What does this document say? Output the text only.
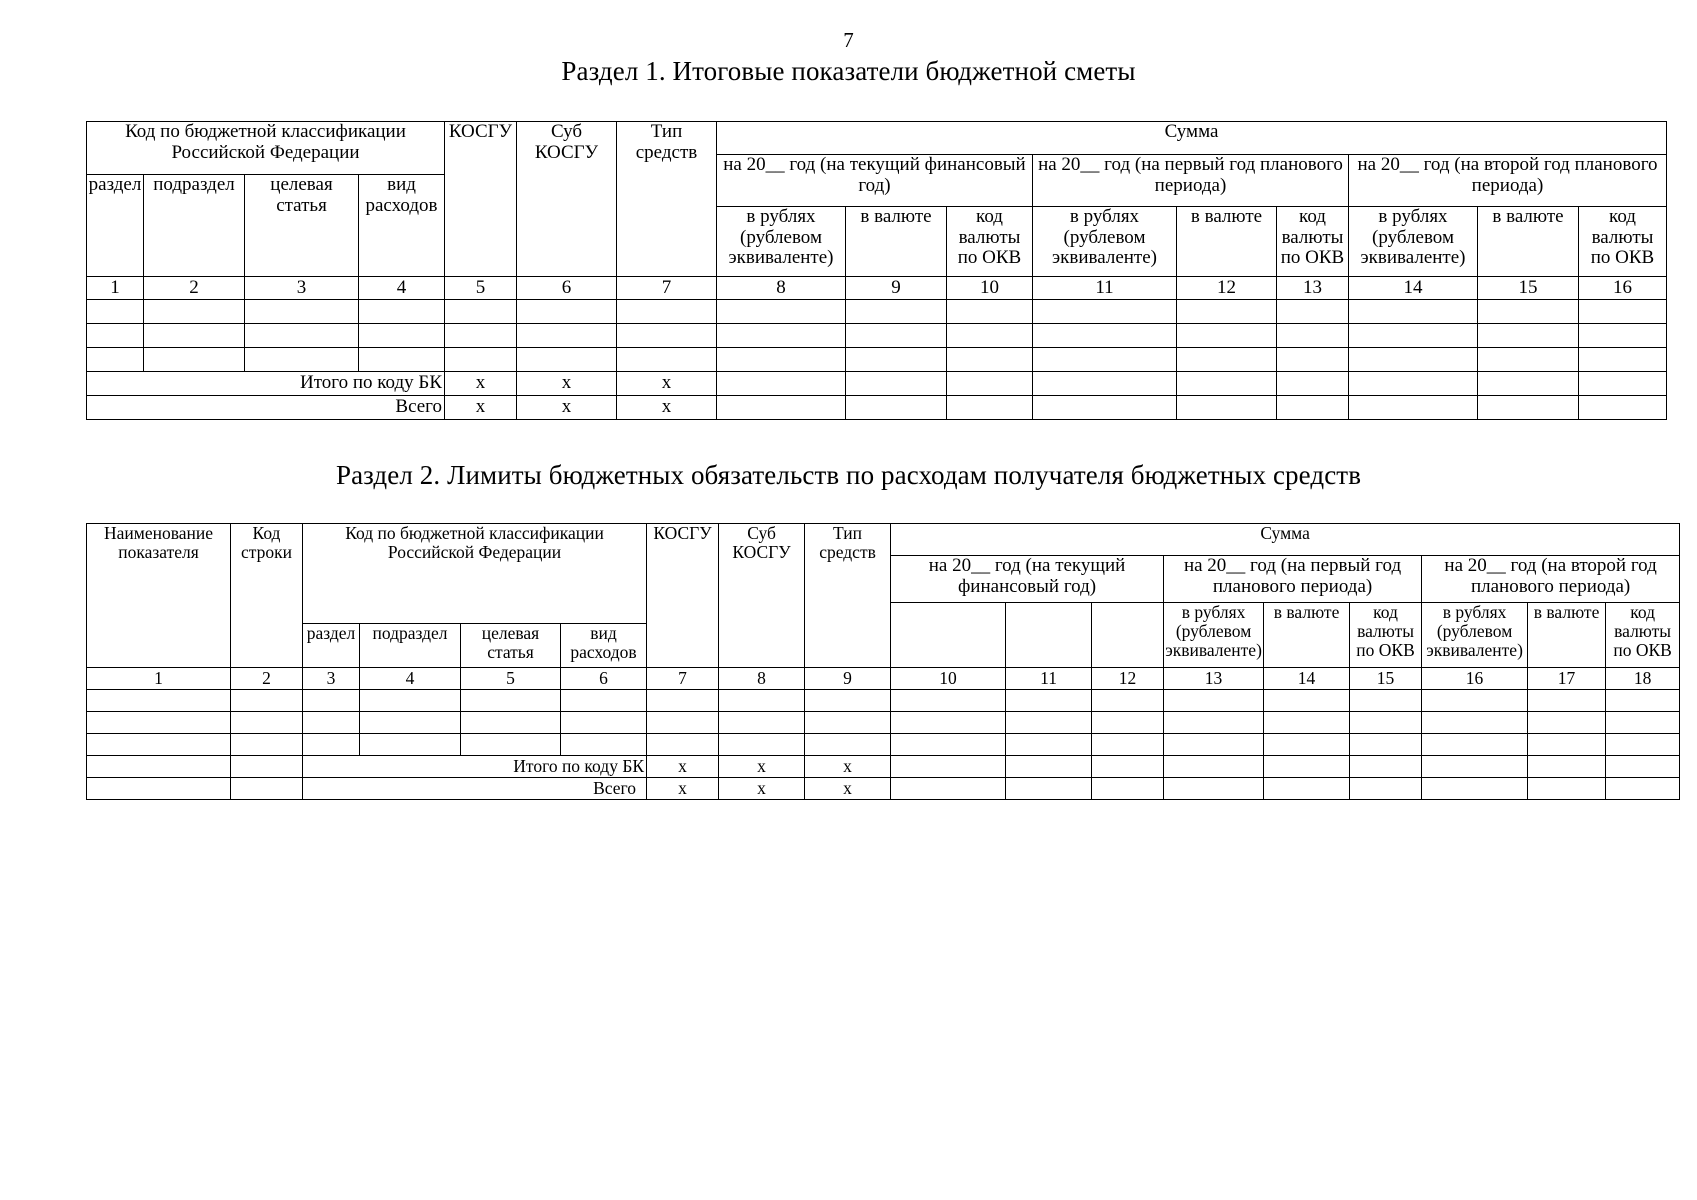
7
Раздел 1. Итоговые показатели бюджетной сметы
Код по бюджетной классификации Российской Федерации				КОСГУ	Суб КОСГУ	Тип средств	Сумма								
							на 20__ год (на текущий финансовый год)			на 20__ год (на первый год планового периода)			на 20__ год (на второй год планового периода)		
раздел	подраздел	целевая статья	вид расходов												
							в рублях (рублевом эквиваленте)	в валюте	код валюты по ОКВ	в рублях (рублевом эквиваленте)	в валюте	код валюты по ОКВ	в рублях (рублевом эквиваленте)	в валюте	код валюты по ОКВ
1	2	3	4	5	6	7	8	9	10	11	12	13	14	15	16

Итого по коду БК				x	x	x									
Всего				x	x	x									
Раздел 2. Лимиты бюджетных обязательств по расходам получателя бюджетных средств
Наименование показателя	Код строки	Код по бюджетной классификации Российской Федерации				КОСГУ	Суб КОСГУ	Тип средств	Сумма								
									на 20__ год (на текущий финансовый год)			на 20__ год (на первый год планового периода)			на 20__ год (на второй год планового периода)		
												в рублях (рублевом эквиваленте)	в валюте	код валюты по ОКВ	в рублях (рублевом эквиваленте)	в валюте	код валюты по ОКВ
		раздел	подраздел	целевая статья	вид расходов												
1	2	3	4	5	6	7	8	9	10	11	12	13	14	15	16	17	18

		Итого по коду БК				x	x	x									
		Всего				x	x	x									
